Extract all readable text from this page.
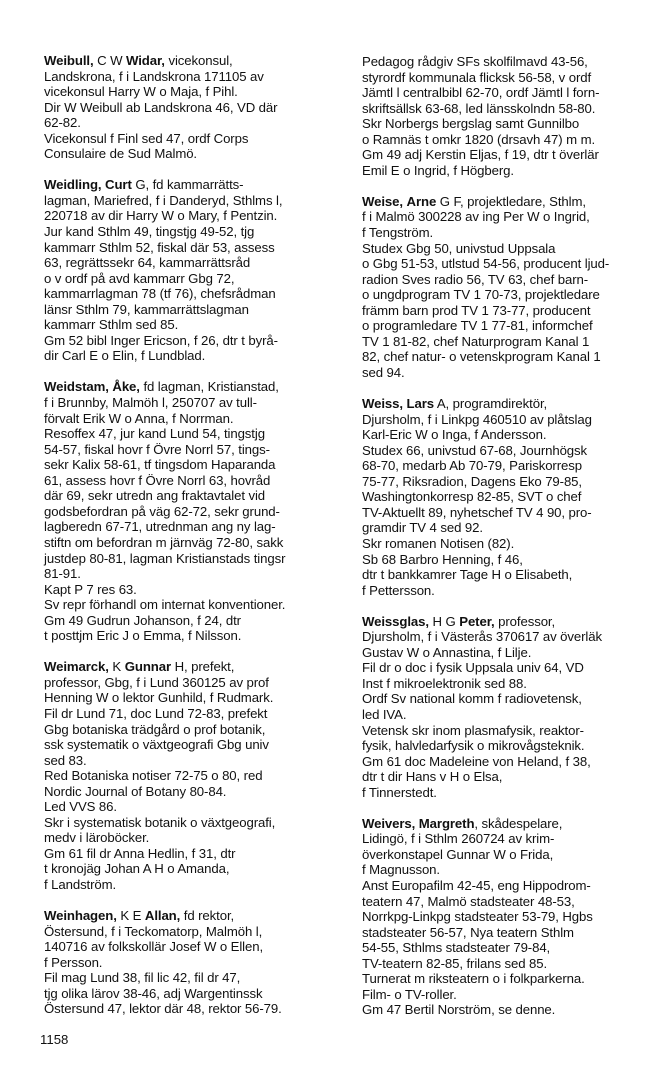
Weibull, C W Widar, vicekonsul,
Landskrona, f i Landskrona 171105 av
vicekonsul Harry W o Maja, f Pihl.
Dir W Weibull ab Landskrona 46, VD där
62-82.
Vicekonsul f Finl sed 47, ordf Corps
Consulaire de Sud Malmö.
Weidling, Curt G, fd kammarrätts-
lagman, Mariefred, f i Danderyd, Sthlms l,
220718 av dir Harry W o Mary, f Pentzin.
Jur kand Sthlm 49, tingstjg 49-52, tjg
kammarr Sthlm 52, fiskal där 53, assess
63, regrättssekr 64, kammarrättsråd
o v ordf på avd kammarr Gbg 72,
kammarrlagman 78 (tf 76), chefsrådman
länsr Sthlm 79, kammarrättslagman
kammarr Sthlm sed 85.
Gm 52 bibl Inger Ericson, f 26, dtr t byrå-
dir Carl E o Elin, f Lundblad.
Weidstam, Åke, fd lagman, Kristianstad,
f i Brunnby, Malmöh l, 250707 av tull-
förvalt Erik W o Anna, f Norrman.
Resoffex 47, jur kand Lund 54, tingstjg
54-57, fiskal hovr f Övre Norrl 57, tings-
sekr Kalix 58-61, tf tingsdom Haparanda
61, assess hovr f Övre Norrl 63, hovråd
där 69, sekr utredn ang fraktavtalet vid
godsbefordran på väg 62-72, sekr grund-
lagberedn 67-71, utrednman ang ny lag-
stiftn om befordran m järnväg 72-80, sakk
justdep 80-81, lagman Kristianstads tingsr
81-91.
Kapt P 7 res 63.
Sv repr förhandl om internat konventioner.
Gm 49 Gudrun Johanson, f 24, dtr
t posttjm Eric J o Emma, f Nilsson.
Weimarck, K Gunnar H, prefekt,
professor, Gbg, f i Lund 360125 av prof
Henning W o lektor Gunhild, f Rudmark.
Fil dr Lund 71, doc Lund 72-83, prefekt
Gbg botaniska trädgård o prof botanik,
ssk systematik o växtgeografi Gbg univ
sed 83.
Red Botaniska notiser 72-75 o 80, red
Nordic Journal of Botany 80-84.
Led VVS 86.
Skr i systematisk botanik o växtgeografi,
medv i läroböcker.
Gm 61 fil dr Anna Hedlin, f 31, dtr
t kronojäg Johan A H o Amanda,
f Landström.
Weinhagen, K E Allan, fd rektor,
Östersund, f i Teckomatorp, Malmöh l,
140716 av folkskollär Josef W o Ellen,
f Persson.
Fil mag Lund 38, fil lic 42, fil dr 47,
tjg olika lärov 38-46, adj Wargentinssk
Östersund 47, lektor där 48, rektor 56-79.
Pedagog rådgiv SFs skolfilmavd 43-56,
styrordf kommunala flicksk 56-58, v ordf
Jämtl l centralbibl 62-70, ordf Jämtl l forn-
skriftsällsk 63-68, led länsskolndn 58-80.
Skr Norbergs bergslag samt Gunnilbo
o Ramnäs t omkr 1820 (drsavh 47) m m.
Gm 49 adj Kerstin Eljas, f 19, dtr t överlär
Emil E o Ingrid, f Högberg.
Weise, Arne G F, projektledare, Sthlm,
f i Malmö 300228 av ing Per W o Ingrid,
f Tengström.
Studex Gbg 50, univstud Uppsala
o Gbg 51-53, utlstud 54-56, producent ljud-
radion Sves radio 56, TV 63, chef barn-
o ungdprogram TV 1 70-73, projektledare
främm barn prod TV 1 73-77, producent
o programledare TV 1 77-81, informchef
TV 1 81-82, chef Naturprogram Kanal 1
82, chef natur- o vetenskprogram Kanal 1
sed 94.
Weiss, Lars A, programdirektör,
Djursholm, f i Linkpg 460510 av plåtslag
Karl-Eric W o Inga, f Andersson.
Studex 66, univstud 67-68, Journhögsk
68-70, medarb Ab 70-79, Pariskorresp
75-77, Riksradion, Dagens Eko 79-85,
Washingtonkorresp 82-85, SVT o chef
TV-Aktuellt 89, nyhetschef TV 4 90, pro-
gramdir TV 4 sed 92.
Skr romanen Notisen (82).
Sb 68 Barbro Henning, f 46,
dtr t bankkamrer Tage H o Elisabeth,
f Pettersson.
Weissglas, H G Peter, professor,
Djursholm, f i Västerås 370617 av överläk
Gustav W o Annastina, f Lilje.
Fil dr o doc i fysik Uppsala univ 64, VD
Inst f mikroelektronik sed 88.
Ordf Sv national komm f radiovetensk,
led IVA.
Vetensk skr inom plasmafysik, reaktor-
fysik, halvledarfysik o mikrovågsteknik.
Gm 61 doc Madeleine von Heland, f 38,
dtr t dir Hans v H o Elsa,
f Tinnerstedt.
Weivers, Margreth, skådespelare,
Lidingö, f i Sthlm 260724 av krim-
överkonstapel Gunnar W o Frida,
f Magnusson.
Anst Europafilm 42-45, eng Hippodrom-
teatern 47, Malmö stadsteater 48-53,
Norrkpg-Linkpg stadsteater 53-79, Hgbs
stadsteater 56-57, Nya teatern Sthlm
54-55, Sthlms stadsteater 79-84,
TV-teatern 82-85, frilans sed 85.
Turnerat m riksteatern o i folkparkerna.
Film- o TV-roller.
Gm 47 Bertil Norström, se denne.
1158
